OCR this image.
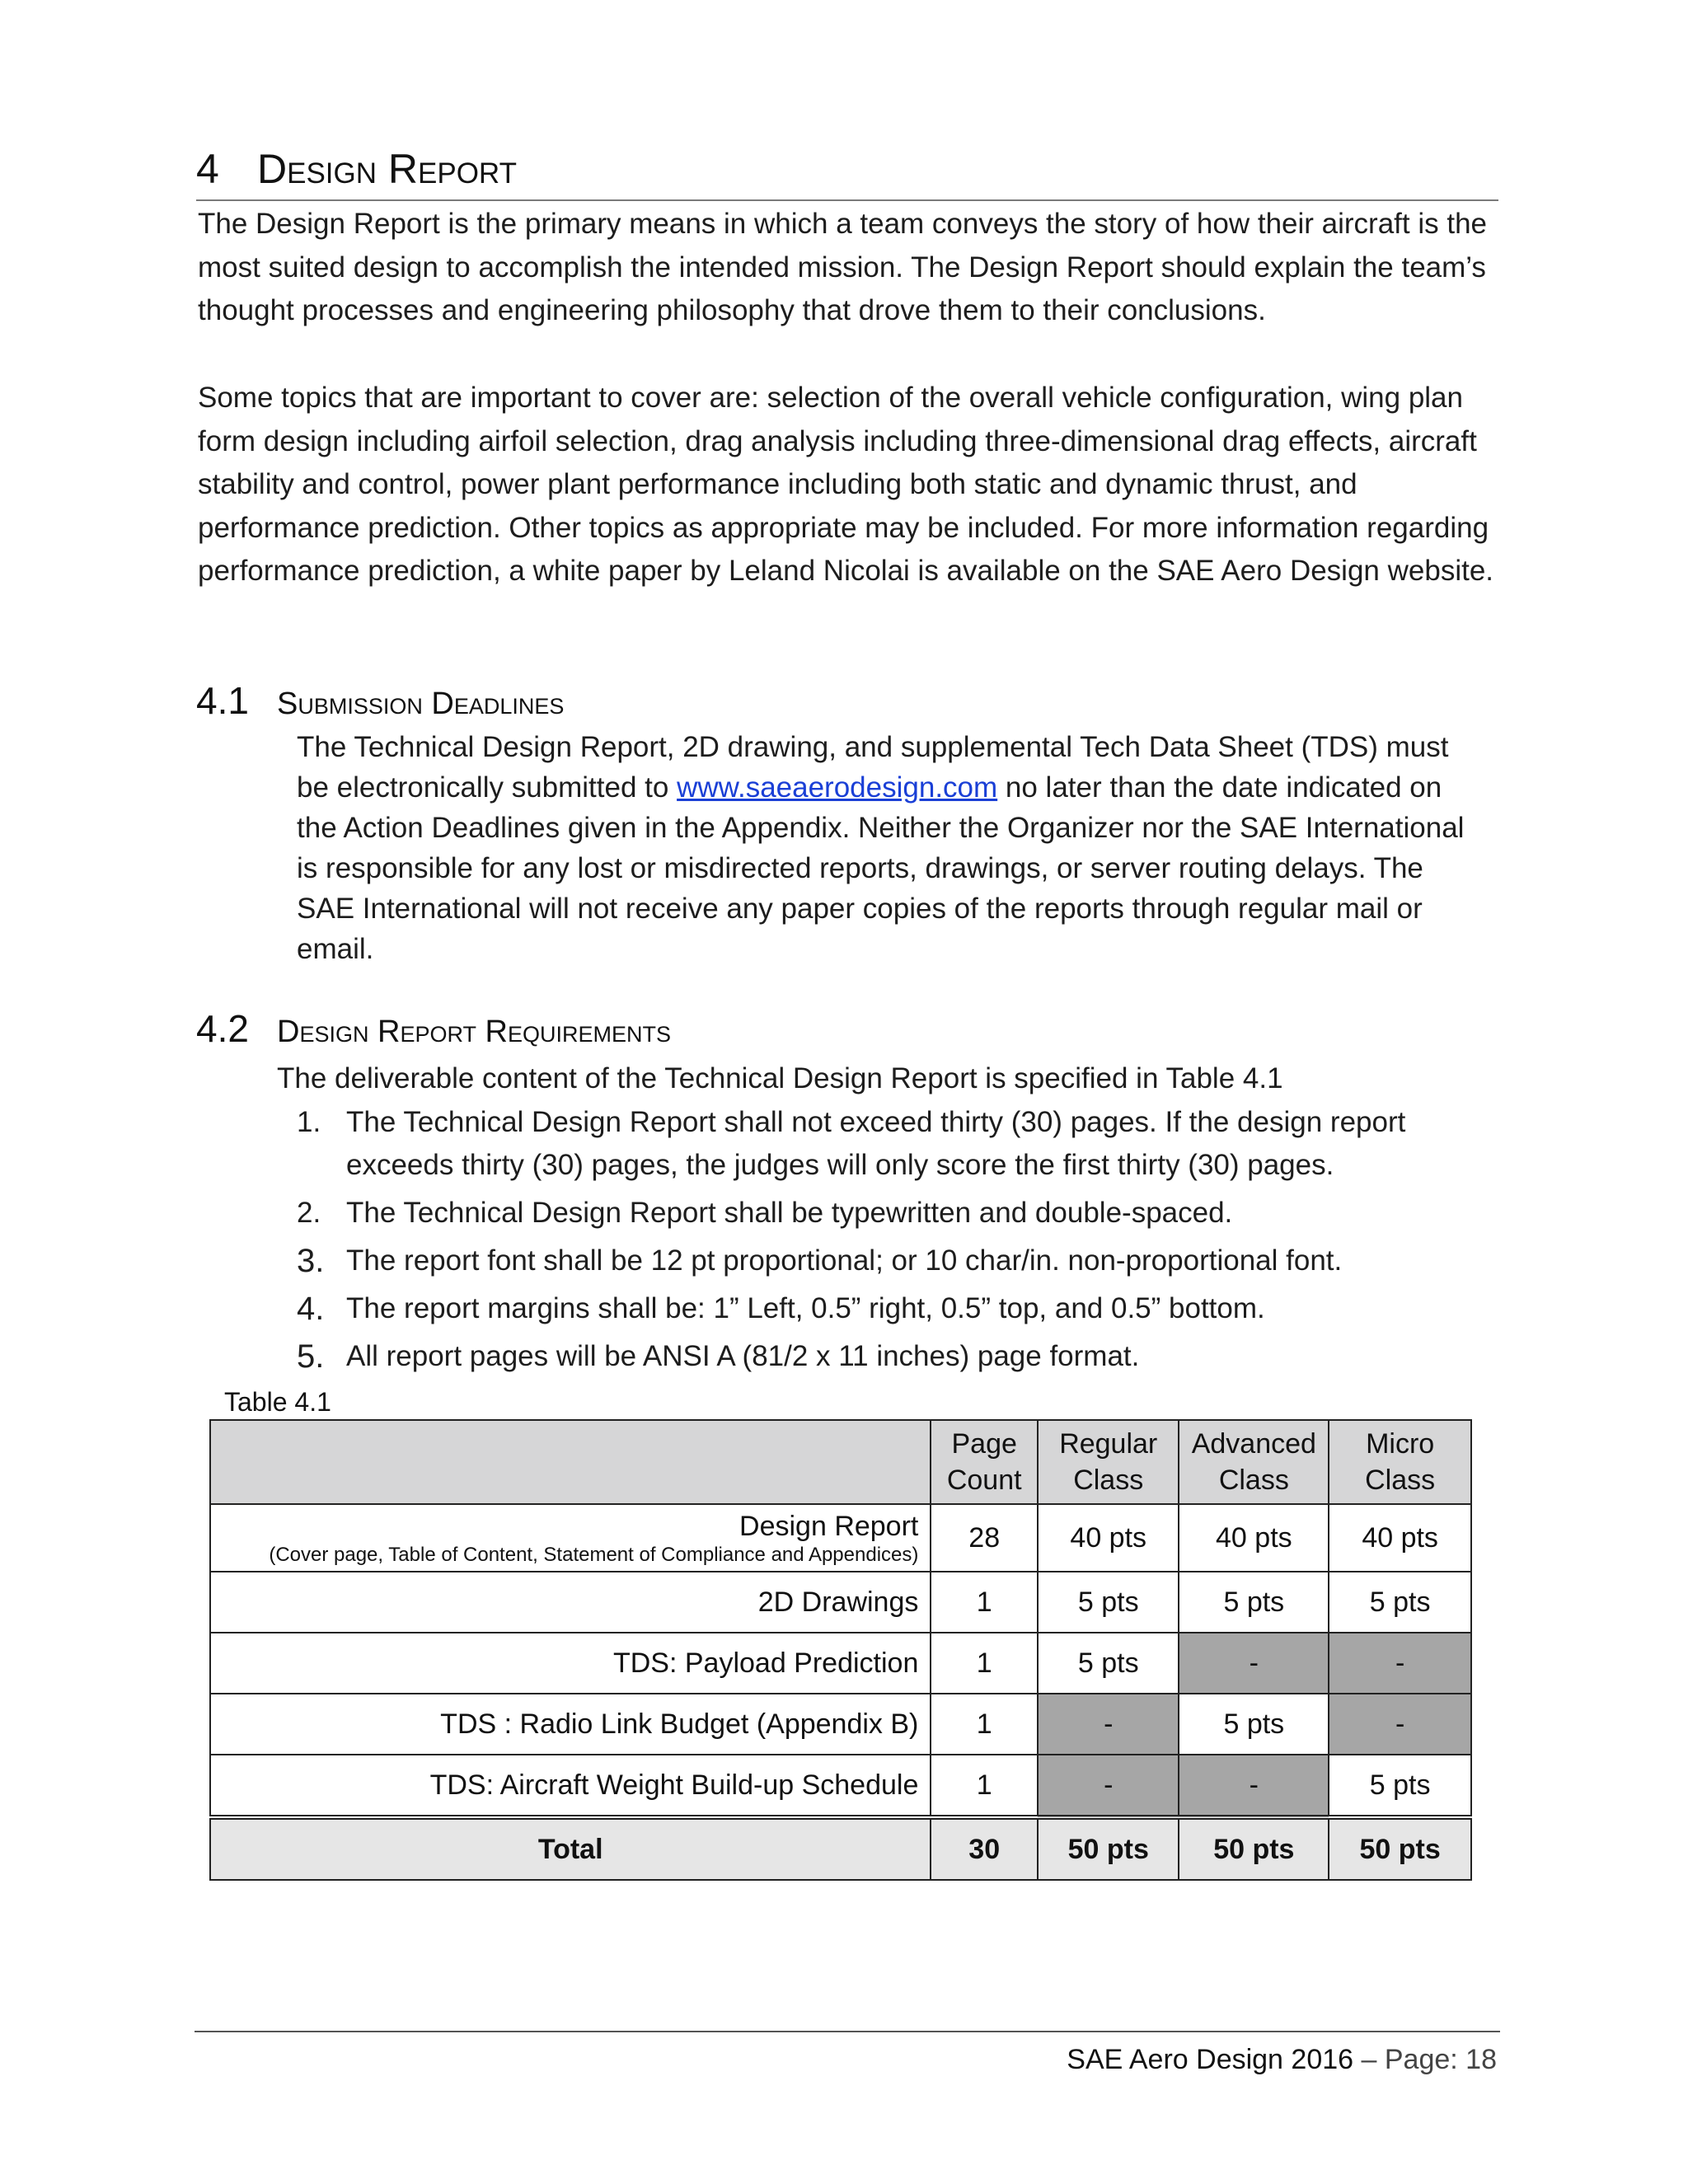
4 Design Report

The Design Report is the primary means in which a team conveys the story of how their aircraft is the most suited design to accomplish the intended mission. The Design Report should explain the team’s thought processes and engineering philosophy that drove them to their conclusions.

Some topics that are important to cover are: selection of the overall vehicle configuration, wing plan form design including airfoil selection, drag analysis including three-dimensional drag effects, aircraft stability and control, power plant performance including both static and dynamic thrust, and performance prediction. Other topics as appropriate may be included. For more information regarding performance prediction, a white paper by Leland Nicolai is available on the SAE Aero Design website.

4.1 Submission Deadlines

The Technical Design Report, 2D drawing, and supplemental Tech Data Sheet (TDS) must be electronically submitted to www.saeaerodesign.com no later than the date indicated on the Action Deadlines given in the Appendix. Neither the Organizer nor the SAE International is responsible for any lost or misdirected reports, drawings, or server routing delays. The SAE International will not receive any paper copies of the reports through regular mail or email.

4.2 Design Report Requirements
The deliverable content of the Technical Design Report is specified in Table 4.1
1. The Technical Design Report shall not exceed thirty (30) pages. If the design report exceeds thirty (30) pages, the judges will only score the first thirty (30) pages.
2. The Technical Design Report shall be typewritten and double-spaced.
3. The report font shall be 12 pt proportional; or 10 char/in. non-proportional font.
4. The report margins shall be: 1” Left, 0.5” right, 0.5” top, and 0.5” bottom.
5. All report pages will be ANSI A (81/2 x 11 inches) page format.
Table 4.1
	Page Count	Regular Class	Advanced Class	Micro Class

Design Report
(Cover page, Table of Content, Statement of Compliance and Appendices)	28	40 pts	40 pts	40 pts
2D Drawings	1	5 pts	5 pts	5 pts
TDS: Payload Prediction	1	5 pts	-	-
TDS : Radio Link Budget (Appendix B)	1	-	5 pts	-
TDS: Aircraft Weight Build-up Schedule	1	-	-	5 pts
Total	30	50 pts	50 pts	50 pts
SAE Aero Design 2016 – Page: 18
